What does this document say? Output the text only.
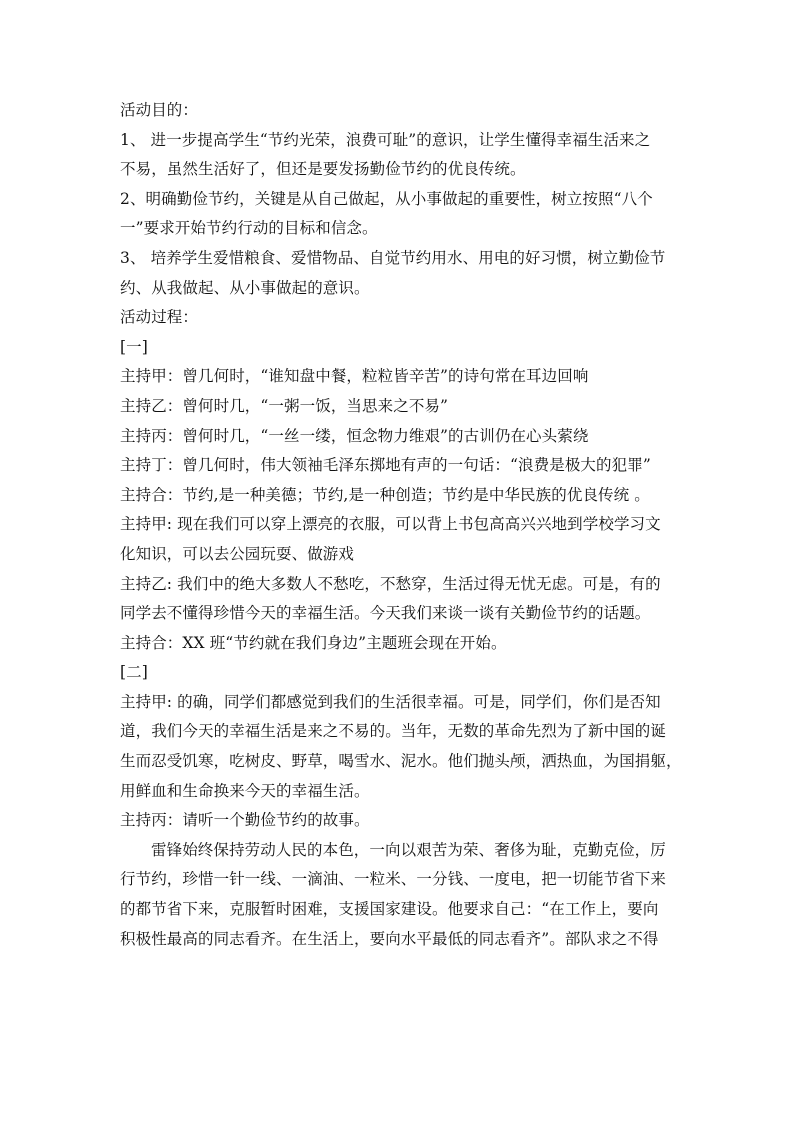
活动目的：
1、 进一步提高学生“节约光荣，浪费可耻”的意识，让学生懂得幸福生活来之
不易，虽然生活好了，但还是要发扬勤俭节约的优良传统。
2、明确勤俭节约，关键是从自己做起，从小事做起的重要性，树立按照“八个
一”要求开始节约行动的目标和信念。
3、 培养学生爱惜粮食、爱惜物品、自觉节约用水、用电的好习惯，树立勤俭节
约、从我做起、从小事做起的意识。
活动过程：
[一]
主持甲：曾几何时，“谁知盘中餐，粒粒皆辛苦”的诗句常在耳边回响
主持乙：曾何时几，“一粥一饭，当思来之不易”
主持丙：曾何时几，“一丝一缕，恒念物力维艰”的古训仍在心头萦绕
主持丁：曾几何时，伟大领袖毛泽东掷地有声的一句话：“浪费是极大的犯罪”
主持合：节约,是一种美德；节约,是一种创造；节约是中华民族的优良传统 。
主持甲: 现在我们可以穿上漂亮的衣服，可以背上书包高高兴兴地到学校学习文
化知识，可以去公园玩耍、做游戏
主持乙: 我们中的绝大多数人不愁吃，不愁穿，生活过得无忧无虑。可是，有的
同学去不懂得珍惜今天的幸福生活。今天我们来谈一谈有关勤俭节约的话题。
主持合：XX 班“节约就在我们身边”主题班会现在开始。
[二]
主持甲: 的确，同学们都感觉到我们的生活很幸福。可是，同学们，你们是否知
道，我们今天的幸福生活是来之不易的。当年，无数的革命先烈为了新中国的诞
生而忍受饥寒，吃树皮、野草，喝雪水、泥水。他们抛头颅，洒热血，为国捐躯，
用鲜血和生命换来今天的幸福生活。
主持丙：请听一个勤俭节约的故事。
雷锋始终保持劳动人民的本色，一向以艰苦为荣、奢侈为耻，克勤克俭，厉
行节约，珍惜一针一线、一滴油、一粒米、一分钱、一度电，把一切能节省下来
的都节省下来，克服暂时困难，支援国家建设。他要求自己：“在工作上，要向
积极性最高的同志看齐。在生活上，要向水平最低的同志看齐”。部队求之不得
